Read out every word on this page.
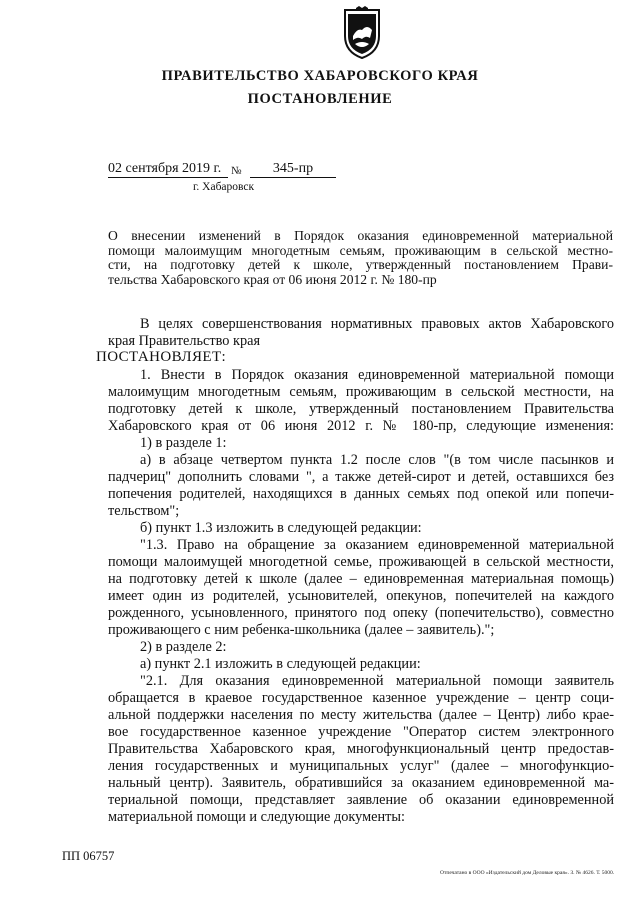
ПРАВИТЕЛЬСТВО ХАБАРОВСКОГО КРАЯ
ПОСТАНОВЛЕНИЕ
02 сентября 2019 г. №	345-пр
г. Хабаровск
О внесении изменений в Порядок оказания единовременной материальной
помощи малоимущим многодетным семьям, проживающим в сельской местно-
сти, на подготовку детей к школе, утвержденный постановлением Прави-
тельства Хабаровского края от 06 июня 2012 г. № 180-пр
В целях совершенствования нормативных правовых актов Хабаровского
края Правительство края
ПОСТАНОВЛЯЕТ:
1. Внести в Порядок оказания единовременной материальной помощи
малоимущим многодетным семьям, проживающим в сельской местности, на
подготовку детей к школе, утвержденный постановлением Правительства
Хабаровского края от 06 июня 2012 г. № 180-пр, следующие изменения:
1) в разделе 1:
а) в абзаце четвертом пункта 1.2 после слов "(в том числе пасынков и
падчериц" дополнить словами ", а также детей-сирот и детей, оставшихся без
попечения родителей, находящихся в данных семьях под опекой или попечи-
тельством";
б) пункт 1.3 изложить в следующей редакции:
"1.3. Право на обращение за оказанием единовременной материальной
помощи малоимущей многодетной семье, проживающей в сельской местности,
на подготовку детей к школе (далее – единовременная материальная помощь)
имеет один из родителей, усыновителей, опекунов, попечителей на каждого
рожденного, усыновленного, принятого под опеку (попечительство), совместно
проживающего с ним ребенка-школьника (далее – заявитель).";
2) в разделе 2:
а) пункт 2.1 изложить в следующей редакции:
"2.1. Для оказания единовременной материальной помощи заявитель
обращается в краевое государственное казенное учреждение – центр соци-
альной поддержки населения по месту жительства (далее – Центр) либо крае-
вое государственное казенное учреждение "Оператор систем электронного
Правительства Хабаровского края, многофункциональный центр предостав-
ления государственных и муниципальных услуг" (далее – многофункцио-
нальный центр). Заявитель, обратившийся за оказанием единовременной ма-
териальной помощи, представляет заявление об оказании единовременной
материальной помощи и следующие документы:
ПП 06757
Отпечатано в ООО «Издательский дом Деловые края». З. № 4626. Т. 5000.
